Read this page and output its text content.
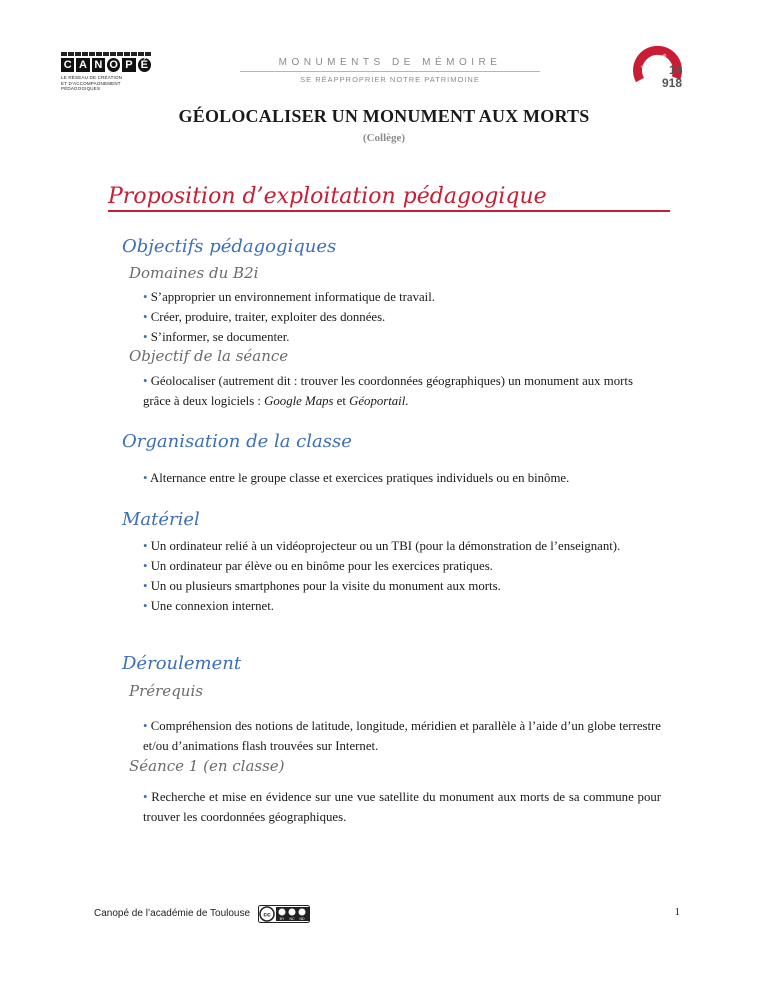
C A N O P É
LE RÉSEAU DE CRÉATION
ET D'ACCOMPAGNEMENT PÉDAGOGIQUES
MONUMENTS DE MÉMOIRE
SE RÉAPPROPRIER NOTRE PATRIMOINE
centenaire 14
918
GÉOLOCALISER UN MONUMENT AUX MORTS
(Collège)
Proposition d’exploitation pédagogique
Objectifs pédagogiques
Domaines du B2i
• S’approprier un environnement informatique de travail.
• Créer, produire, traiter, exploiter des données.
• S’informer, se documenter.
Objectif de la séance
• Géolocaliser (autrement dit : trouver les coordonnées géographiques) un monument aux morts grâce à deux logiciels : Google Maps et Géoportail.
Organisation de la classe
• Alternance entre le groupe classe et exercices pratiques individuels ou en binôme.
Matériel
• Un ordinateur relié à un vidéoprojecteur ou un TBI (pour la démonstration de l’enseignant).
• Un ordinateur par élève ou en binôme pour les exercices pratiques.
• Un ou plusieurs smartphones pour la visite du monument aux morts.
• Une connexion internet.
Déroulement
Prérequis
• Compréhension des notions de latitude, longitude, méridien et parallèle à l’aide d’un globe terrestre et/ou d’animations flash trouvées sur Internet.
Séance 1 (en classe)
• Recherche et mise en évidence sur une vue satellite du monument aux morts de sa commune pour trouver les coordonnées géographiques.
Canopé de l’académie de Toulouse cc
BY NC ND
1
